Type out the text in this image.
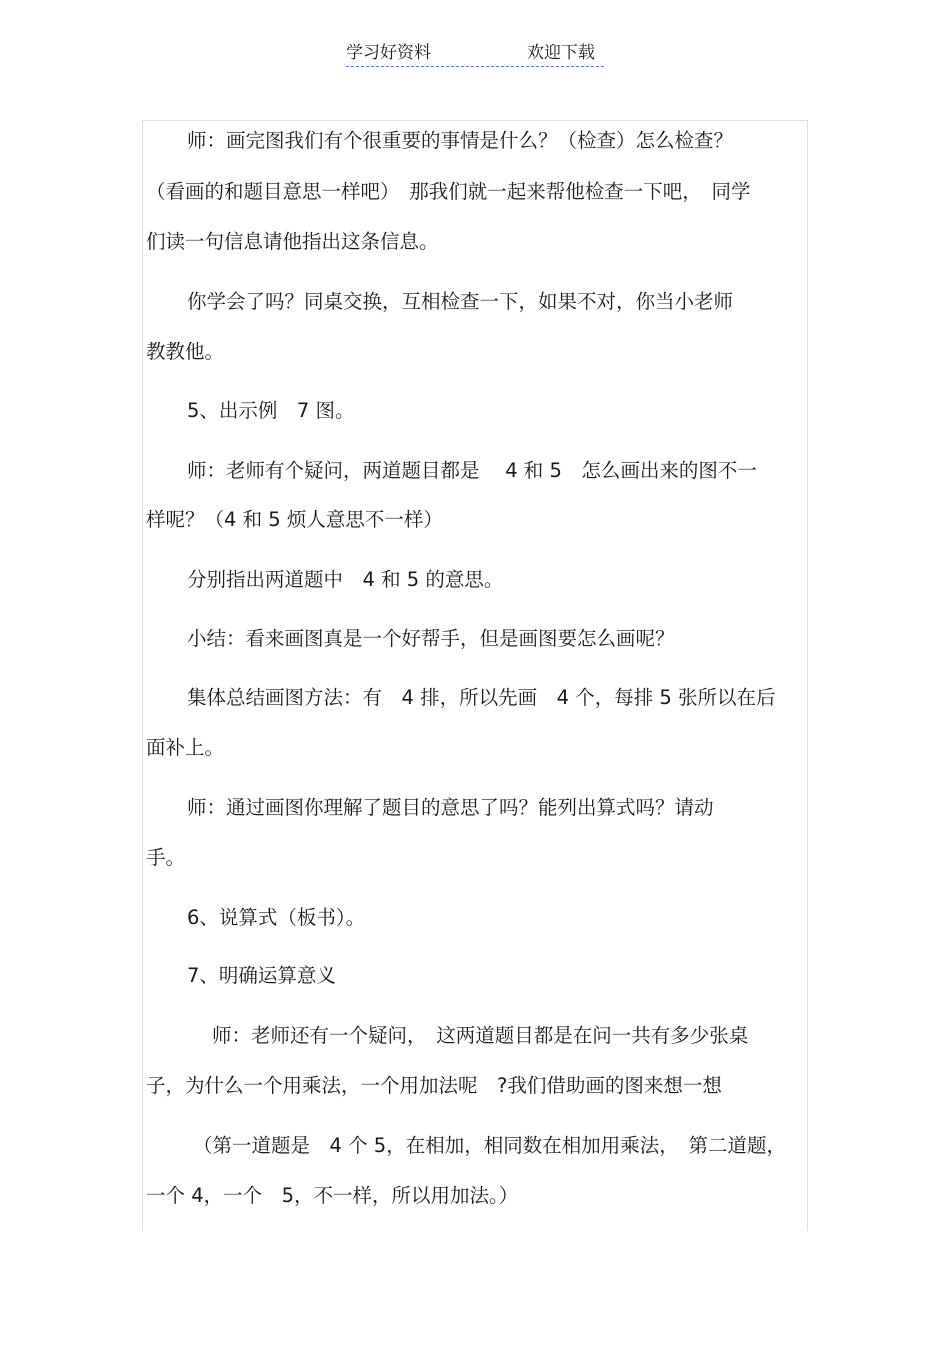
学习好资料	欢迎下载
师：画完图我们有个很重要的事情是什么？（检查）怎么检查？
（看画的和题目意思一样吧）　那我们就一起来帮他检查一下吧，　同学
们读一句信息请他指出这条信息。
你学会了吗？同桌交换，互相检查一下，如果不对，你当小老师
教教他。
5、出示例　7 图。
师：老师有个疑问，两道题目都是　 4 和 5　怎么画出来的图不一
样呢？（4 和 5 烦人意思不一样）
分别指出两道题中　4 和 5 的意思。
小结：看来画图真是一个好帮手，但是画图要怎么画呢？
集体总结画图方法：有　4 排，所以先画　4 个，每排 5 张所以在后
面补上。
师：通过画图你理解了题目的意思了吗？能列出算式吗？请动
手。
6、说算式（板书）。
7、明确运算意义
师：老师还有一个疑问，　这两道题目都是在问一共有多少张桌
子，为什么一个用乘法，一个用加法呢　?我们借助画的图来想一想
（第一道题是　4 个 5，在相加，相同数在相加用乘法，　第二道题，
一个 4，一个　5，不一样，所以用加法。）
